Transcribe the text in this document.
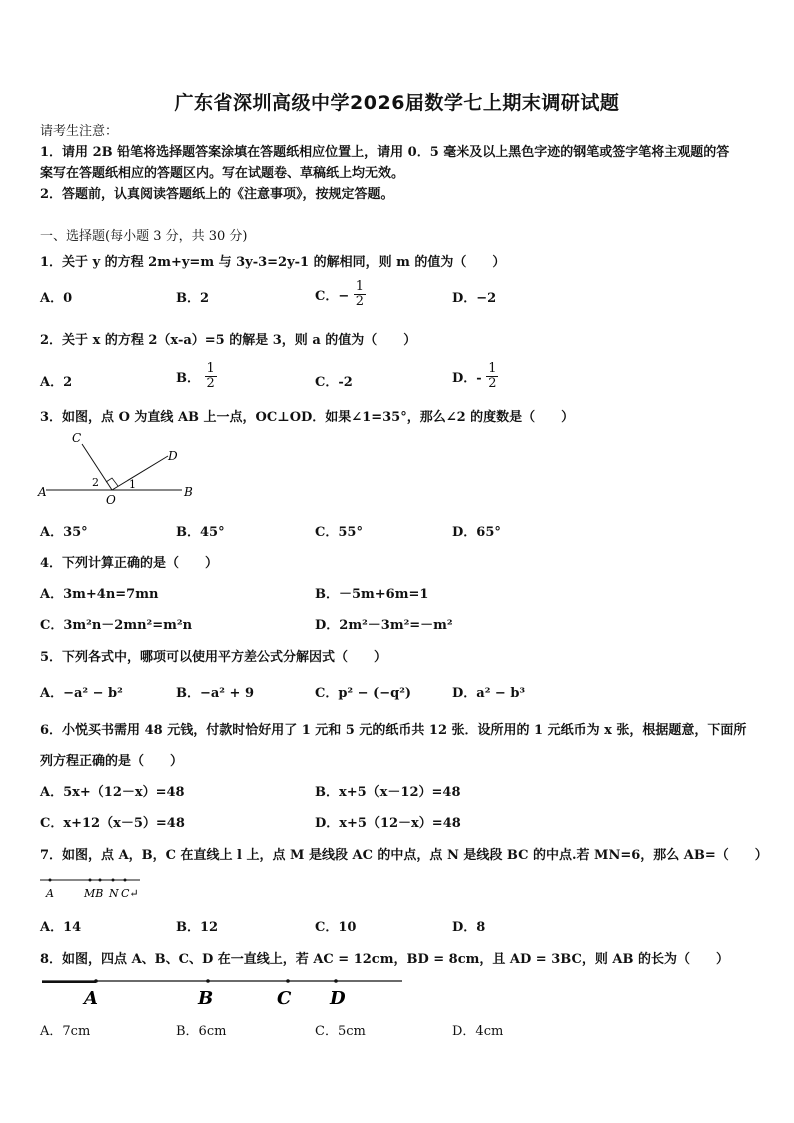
广东省深圳高级中学2026届数学七上期末调研试题
请考生注意：
1．请用 2B 铅笔将选择题答案涂填在答题纸相应位置上，请用 0．5 毫米及以上黑色字迹的钢笔或签字笔将主观题的答
案写在答题纸相应的答题区内。写在试题卷、草稿纸上均无效。
2．答题前，认真阅读答题纸上的《注意事项》，按规定答题。
一、选择题(每小题 3 分，共 30 分)
1．关于 y 的方程 2m+y=m 与 3y-3=2y-1 的解相同，则 m 的值为（　　）
A．0	B．2	C．− $\frac{1}{2}$	D．−2
2．关于 x 的方程 2（x-a）=5 的解是 3，则 a 的值为（　　）
A．2	B． $\frac{1}{2}$	C．-2	D．- $\frac{1}{2}$
3．如图，点 O 为直线 AB 上一点，OC⊥OD．如果∠1=35°，那么∠2 的度数是（　　）
C
D
A	B
O
1
2
A．35°	B．45°	C．55°	D．65°
4．下列计算正确的是（　　）
A．3m+4n=7mn	B．－5m+6m=1
C．3m²n－2mn²=m²n	D．2m²－3m²=－m²
5．下列各式中，哪项可以使用平方差公式分解因式（　　）
A．−a² − b²	B．−a² + 9	C．p² − (−q²)	D．a² − b³
6．小悦买书需用 48 元钱，付款时恰好用了 1 元和 5 元的纸币共 12 张．设所用的 1 元纸币为 x 张，根据题意，下面所
列方程正确的是（　　）
A．5x+（12－x）=48	B．x+5（x－12）=48
C．x+12（x－5）=48	D．x+5（12－x）=48
7．如图，点 A，B，C 在直线上 l 上，点 M 是线段 AC 的中点，点 N 是线段 BC 的中点.若 MN=6，那么 AB=（　　）
A	MB N C↵
A．14	B．12	C．10	D．8
8．如图，四点 A、B、C、D 在一直线上，若 AC = 12cm，BD = 8cm，且 AD = 3BC，则 AB 的长为（　　）
A	B	C D
A．7cm	B．6cm	C．5cm	D．4cm
